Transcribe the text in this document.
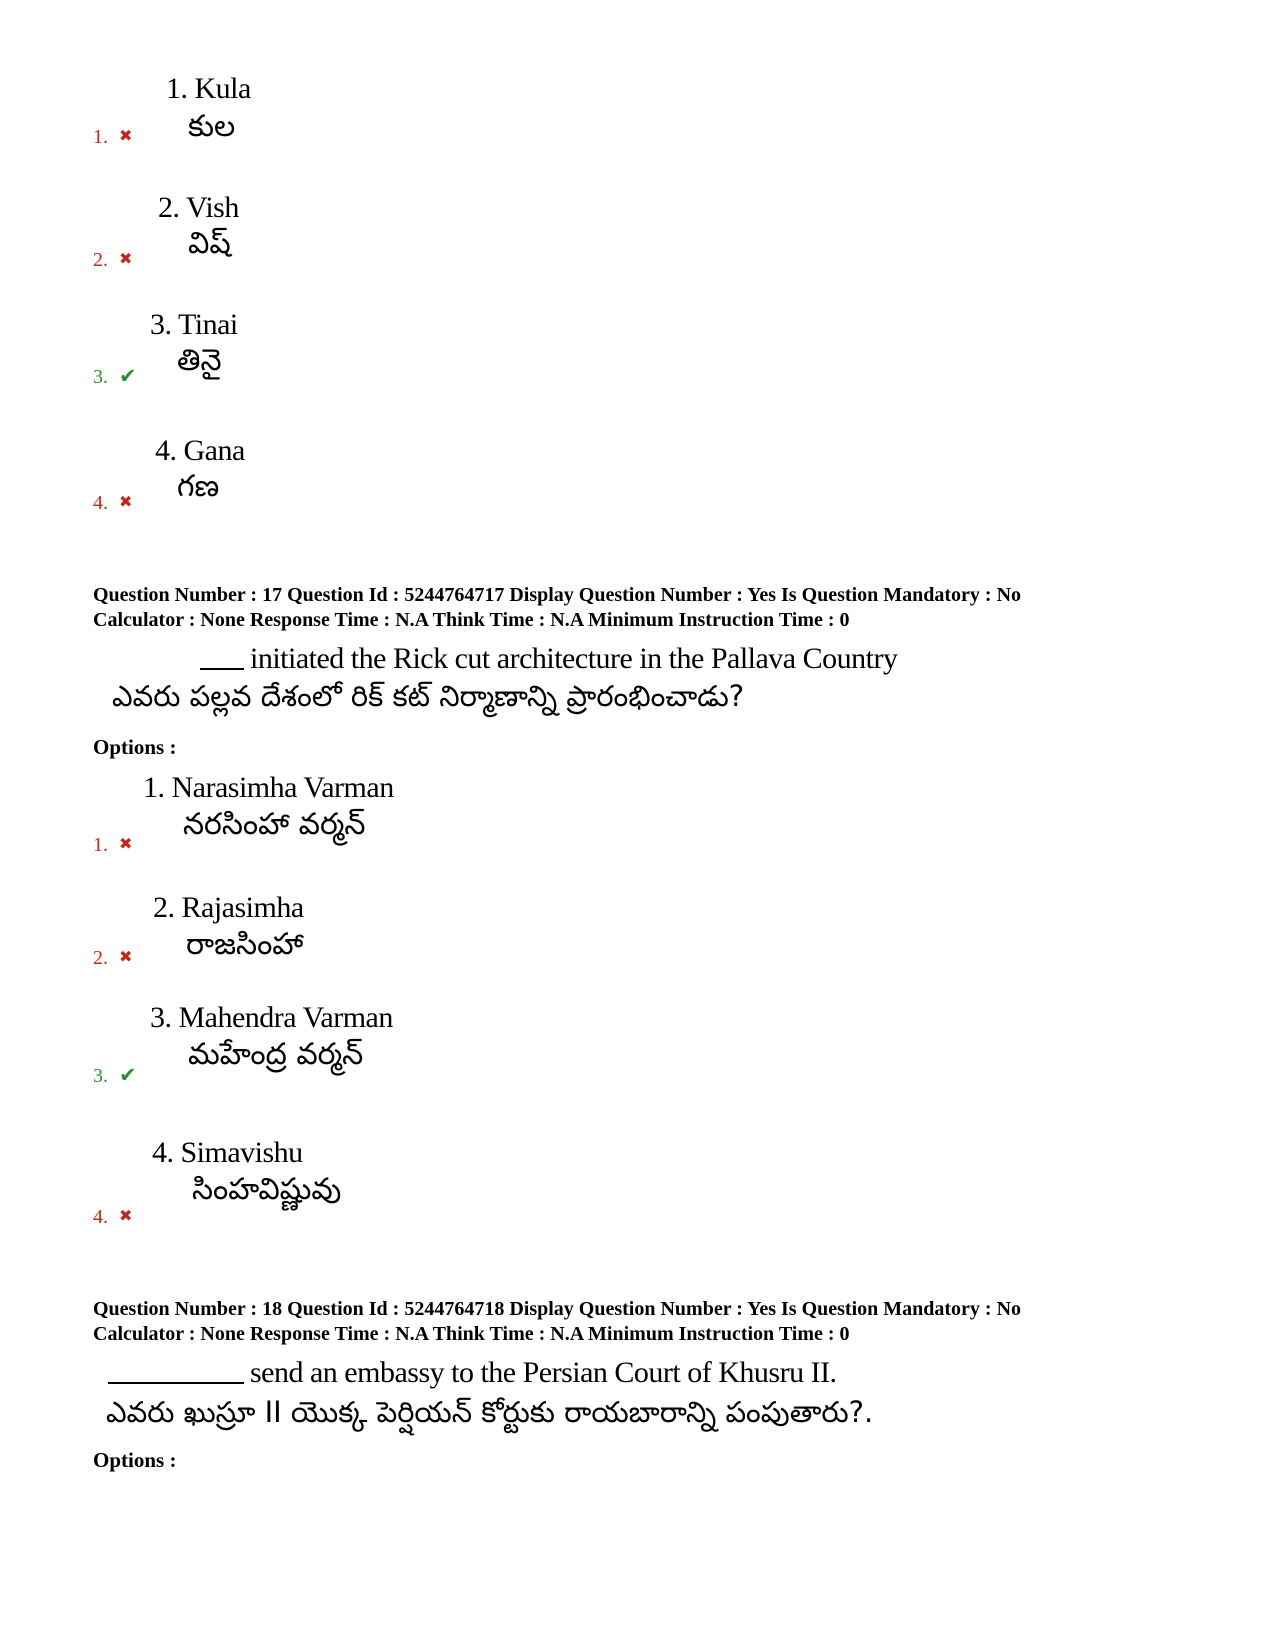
1. Kula
కుల
1. ✖
2. Vish
విష్
2. ✖
3. Tinai
తినై
3. ✔
4. Gana
గణ
4. ✖
Question Number : 17 Question Id : 5244764717 Display Question Number : Yes Is Question Mandatory : No
Calculator : None Response Time : N.A Think Time : N.A Minimum Instruction Time : 0
initiated the Rick cut architecture in the Pallava Country
ఎవరు పల్లవ దేశంలో రిక్ కట్ నిర్మాణాన్ని ప్రారంభించాడు?
Options :
1. Narasimha Varman
నరసింహా వర్మన్
1. ✖
2. Rajasimha
రాజసింహా
2. ✖
3. Mahendra Varman
మహేంద్ర వర్మన్
3. ✔
4. Simavishu
సింహవిష్ణువు
4. ✖
Question Number : 18 Question Id : 5244764718 Display Question Number : Yes Is Question Mandatory : No
Calculator : None Response Time : N.A Think Time : N.A Minimum Instruction Time : 0
send an embassy to the Persian Court of Khusru II.
ఎవరు ఖుస్రూ II యొక్క పెర్షియన్ కోర్టుకు రాయబారాన్ని పంపుతారు?.
Options :
